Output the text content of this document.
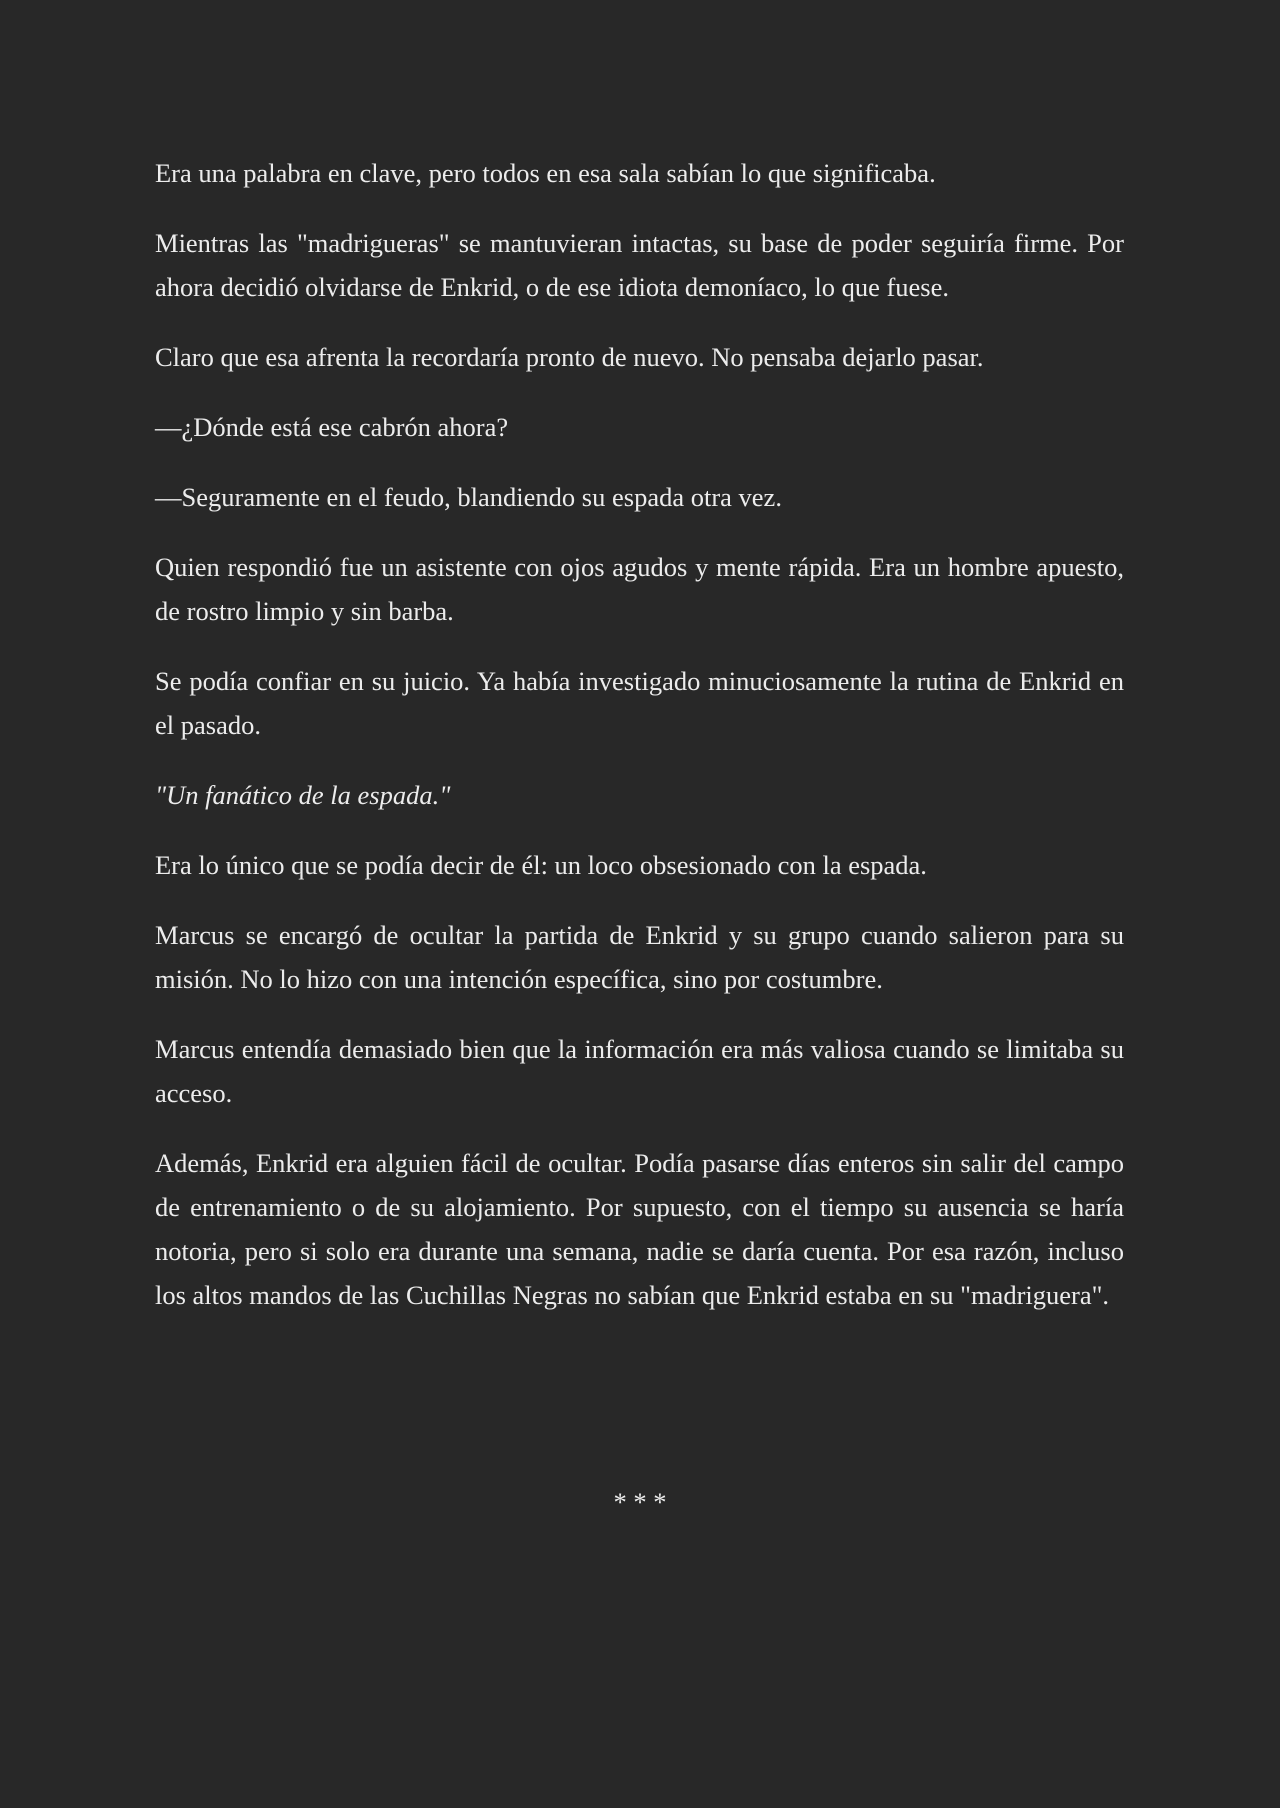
Era una palabra en clave, pero todos en esa sala sabían lo que significaba.

Mientras las "madrigueras" se mantuvieran intactas, su base de poder seguiría firme. Por ahora decidió olvidarse de Enkrid, o de ese idiota demoníaco, lo que fuese.

Claro que esa afrenta la recordaría pronto de nuevo. No pensaba dejarlo pasar.

—¿Dónde está ese cabrón ahora?

—Seguramente en el feudo, blandiendo su espada otra vez.

Quien respondió fue un asistente con ojos agudos y mente rápida. Era un hombre apuesto, de rostro limpio y sin barba.

Se podía confiar en su juicio. Ya había investigado minuciosamente la rutina de Enkrid en el pasado.

"Un fanático de la espada."

Era lo único que se podía decir de él: un loco obsesionado con la espada.

Marcus se encargó de ocultar la partida de Enkrid y su grupo cuando salieron para su misión. No lo hizo con una intención específica, sino por costumbre.

Marcus entendía demasiado bien que la información era más valiosa cuando se limitaba su acceso.

Además, Enkrid era alguien fácil de ocultar. Podía pasarse días enteros sin salir del campo de entrenamiento o de su alojamiento. Por supuesto, con el tiempo su ausencia se haría notoria, pero si solo era durante una semana, nadie se daría cuenta. Por esa razón, incluso los altos mandos de las Cuchillas Negras no sabían que Enkrid estaba en su "madriguera".

* * *
